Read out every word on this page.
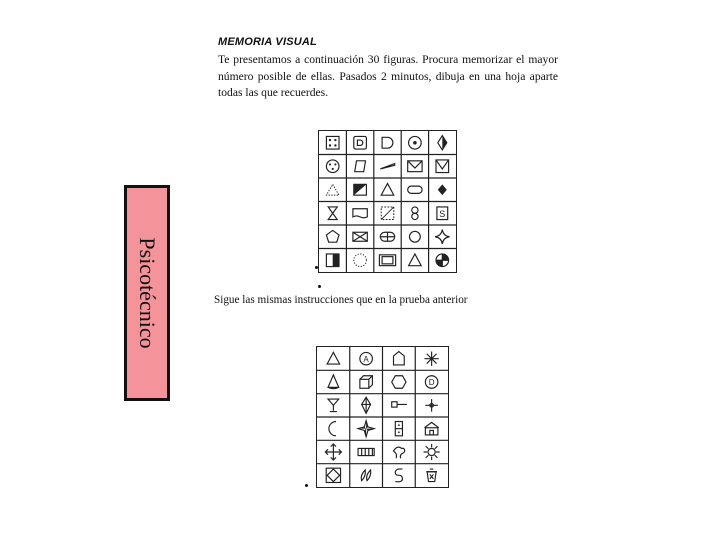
Psicotécnico
MEMORIA VISUAL
Te presentamos a continuación 30 figuras. Procura memorizar el mayor número posible de ellas. Pasados 2 minutos, dibuja en una hoja aparte todas las que recuerdes.
S
Sigue las mismas instrucciones que en la prueba anterior
A
D
